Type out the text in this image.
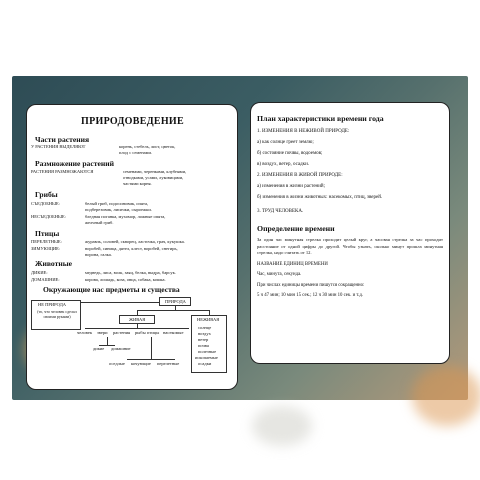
ПРИРОДОВЕДЕНИЕ
Части растения
У РАСТЕНИЯ ВЫДЕЛЯЮТ	корень, стебель, лист, цветок,
плод с семенами.
Размножение растений
РАСТЕНИЯ РАЗМНОЖАЮТСЯ	семенами, черенками, клубнями,
отводками, усами, луковицами,
частями корня.
Грибы
СЪЕДОБНЫЕ:	белый гриб, подосиновик, опята,
подберезовик, лисички, сыроежки.
НЕСЪЕДОБНЫЕ:	бледная поганка, мухомор, ложные опята,
желчный гриб.
Птицы
ПЕРЕЛЕТНЫЕ:	журавль, соловей, скворец, ласточка, грач, кукушка.
ЗИМУЮЩИЕ:	воробей, синица, дятел, клест, воробей, снегирь,
ворона, галка.
Животные
ДИКИЕ:	медведь, лиса, волк, заяц, белка, выдра, барсук.
ДОМАШНИЕ:	корова, лошадь, коза, овца, собака, кошка.
Окружающие нас предметы и существа
НЕ ПРИРОДА
(то, что человек сделал своими руками)
ПРИРОДА
ЖИВАЯ	НЕЖИВАЯ
солнце
воздух
ветер
почва
полезные
ископаемые
осадки
человек звери растения рыбы птицы насекомые
дикие домашние
оседлые кочующие перелетные
План характеристики времени года
1. ИЗМЕНЕНИЯ В НЕЖИВОЙ ПРИРОДЕ:
а) как солнце греет землю;
б) состояние почвы, водоемов;
в) воздух, ветер, осадки.
2. ИЗМЕНЕНИЯ В ЖИВОЙ ПРИРОДЕ:
а) изменения в жизни растений;
б) изменения в жизни животных: насекомых, птиц, зверей.
3. ТРУД ЧЕЛОВЕКА.
Определение времени
За один час минутная стрелка проходит целый круг, а часовая стрелка за час проходит расстояние от одной цифры до другой. Чтобы узнать, сколько минут прошла минутная стрелка, надо считать от 12.
НАЗВАНИЕ ЕДИНИЦ ВРЕМЕНИ
Час, минута, секунда.
При числах единицы времени пишутся сокращенно:
5 ч 47 мин; 10 мин 15 сек.; 12 ч 30 мин 10 сек. и т.д.
